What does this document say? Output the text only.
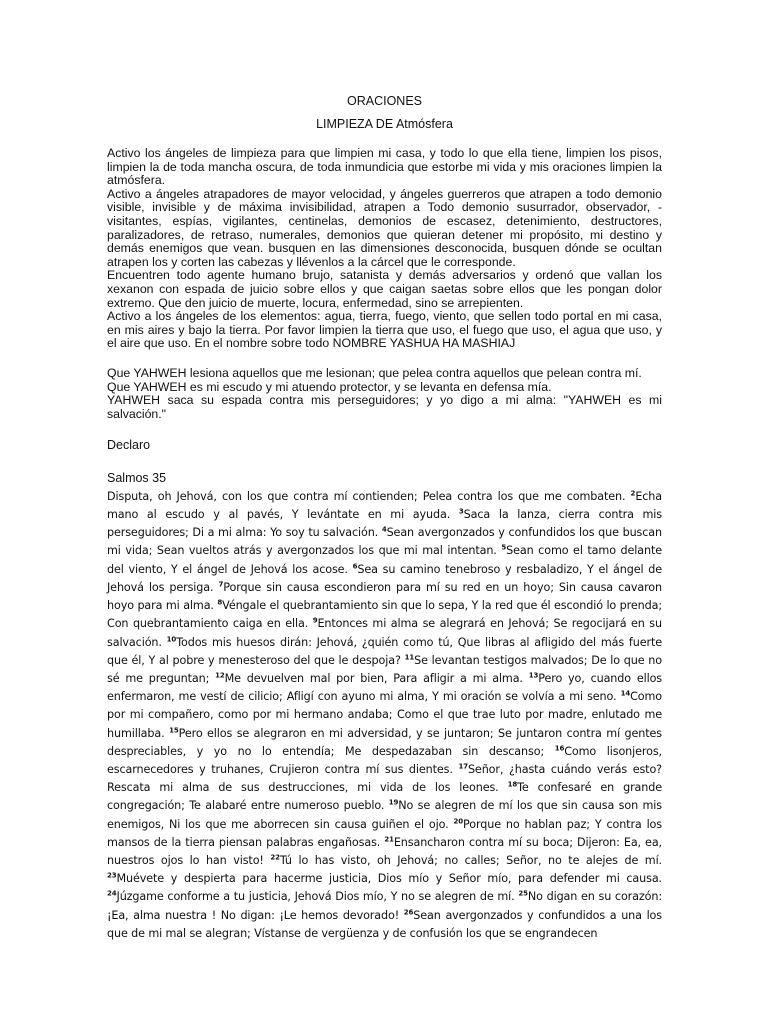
ORACIONES

LIMPIEZA DE Atmósfera

Activo los ángeles de limpieza para que limpien mi casa, y todo lo que ella tiene, limpien los pisos, limpien la de toda mancha oscura, de toda inmundicia que estorbe mi vida y mis oraciones limpien la atmósfera.

Activo a ángeles atrapadores de mayor velocidad, y ángeles guerreros que atrapen a todo demonio visible, invisible y de máxima invisibilidad, atrapen a Todo demonio susurrador, observador, - visitantes, espías, vigilantes, centinelas, demonios de escasez, detenimiento, destructores, paralizadores, de retraso, numerales, demonios que quieran detener mi propósito, mi destino y demás enemigos que vean. busquen en las dimensiones desconocida, busquen dónde se ocultan atrapen los y corten las cabezas y llévenlos a la cárcel que le corresponde.

Encuentren todo agente humano brujo, satanista y demás adversarios y ordenó que vallan los xexanon con espada de juicio sobre ellos y que caigan saetas sobre ellos que les pongan dolor extremo. Que den juicio de muerte, locura, enfermedad, sino se arrepienten.

Activo a los ángeles de los elementos: agua, tierra, fuego, viento, que sellen todo portal en mi casa, en mis aires y bajo la tierra. Por favor limpien la tierra que uso, el fuego que uso, el agua que uso, y el aire que uso. En el nombre sobre todo NOMBRE YASHUA HA MASHIAJ

Que YAHWEH lesiona aquellos que me lesionan; que pelea contra aquellos que pelean contra mí.

Que YAHWEH es mi escudo y mi atuendo protector, y se levanta en defensa mía.

YAHWEH saca su espada contra mis perseguidores; y yo digo a mi alma: "YAHWEH es mi salvación."

Declaro

Salmos 35

Disputa, oh Jehová, con los que contra mí contienden; Pelea contra los que me combaten. $^2$Echa mano al escudo y al pavés, Y levántate en mi ayuda. $^3$Saca la lanza, cierra contra mis perseguidores; Di a mi alma: Yo soy tu salvación. $^4$Sean avergonzados y confundidos los que buscan mi vida; Sean vueltos atrás y avergonzados los que mi mal intentan. $^5$Sean como el tamo delante del viento, Y el ángel de Jehová los acose. $^6$Sea su camino tenebroso y resbaladizo, Y el ángel de Jehová los persiga. $^7$Porque sin causa escondieron para mí su red en un hoyo; Sin causa cavaron hoyo para mi alma. $^8$Véngale el quebrantamiento sin que lo sepa, Y la red que él escondió lo prenda; Con quebrantamiento caiga en ella. $^9$Entonces mi alma se alegrará en Jehová; Se regocijará en su salvación. $^{10}$Todos mis huesos dirán: Jehová, ¿quién como tú, Que libras al afligido del más fuerte que él, Y al pobre y menesteroso del que le despoja? $^{11}$Se levantan testigos malvados; De lo que no sé me preguntan; $^{12}$Me devuelven mal por bien, Para afligir a mi alma. $^{13}$Pero yo, cuando ellos enfermaron, me vestí de cilicio; Afligí con ayuno mi alma, Y mi oración se volvía a mi seno. $^{14}$Como por mi compañero, como por mi hermano andaba; Como el que trae luto por madre, enlutado me humillaba. $^{15}$Pero ellos se alegraron en mi adversidad, y se juntaron; Se juntaron contra mí gentes despreciables, y yo no lo entendía; Me despedazaban sin descanso; $^{16}$Como lisonjeros, escarnecedores y truhanes, Crujieron contra mí sus dientes. $^{17}$Señor, ¿hasta cuándo verás esto? Rescata mi alma de sus destrucciones, mi vida de los leones. $^{18}$Te confesaré en grande congregación; Te alabaré entre numeroso pueblo. $^{19}$No se alegren de mí los que sin causa son mis enemigos, Ni los que me aborrecen sin causa guiñen el ojo. $^{20}$Porque no hablan paz; Y contra los mansos de la tierra piensan palabras engañosas. $^{21}$Ensancharon contra mí su boca; Dijeron: Ea, ea, nuestros ojos lo han visto! $^{22}$Tú lo has visto, oh Jehová; no calles; Señor, no te alejes de mí. $^{23}$Muévete y despierta para hacerme justicia, Dios mío y Señor mío, para defender mi causa. $^{24}$Júzgame conforme a tu justicia, Jehová Dios mío, Y no se alegren de mí. $^{25}$No digan en su corazón: ¡Ea, alma nuestra ! No digan: ¡Le hemos devorado! $^{26}$Sean avergonzados y confundidos a una los que de mi mal se alegran; Vístanse de vergüenza y de confusión los que se engrandecen
